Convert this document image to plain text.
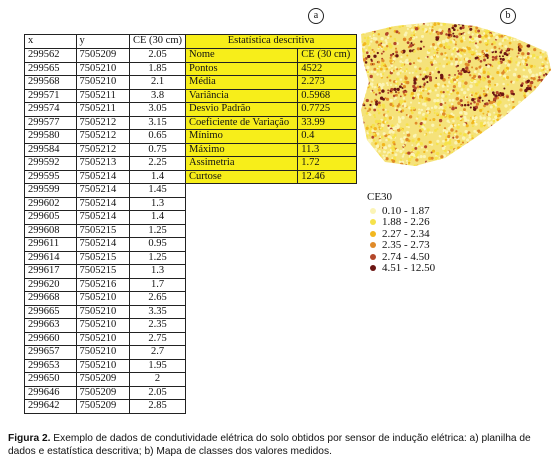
a	b
x	y	CE (30 cm)
299562	7505209	2.05
299565	7505210	1.85
299568	7505210	2.1
299571	7505211	3.8
299574	7505211	3.05
299577	7505212	3.15
299580	7505212	0.65
299584	7505212	0.75
299592	7505213	2.25
299595	7505214	1.4
299599	7505214	1.45
299602	7505214	1.3
299605	7505214	1.4
299608	7505215	1.25
299611	7505214	0.95
299614	7505215	1.25
299617	7505215	1.3
299620	7505216	1.7
299668	7505210	2.65
299665	7505210	3.35
299663	7505210	2.35
299660	7505210	2.75
299657	7505210	2.7
299653	7505210	1.95
299650	7505209	2
299646	7505209	2.05
299642	7505209	2.85
Estatística descritiva	
Nome	CE (30 cm)
Pontos	4522
Média	2.273
Variância	0.5968
Desvio Padrão	0.7725
Coeficiente de Variação	33.99
Mínimo	0.4
Máximo	11.3
Assimetria	1.72
Curtose	12.46
CE30
0.10 - 1.87
1.88 - 2.26
2.27 - 2.34
2.35 - 2.73
2.74 - 4.50
4.51 - 12.50
Figura 2. Exemplo de dados de condutividade elétrica do solo obtidos por sensor de indução elétrica: a) planilha de dados e estatística descritiva; b) Mapa de classes dos valores medidos.
